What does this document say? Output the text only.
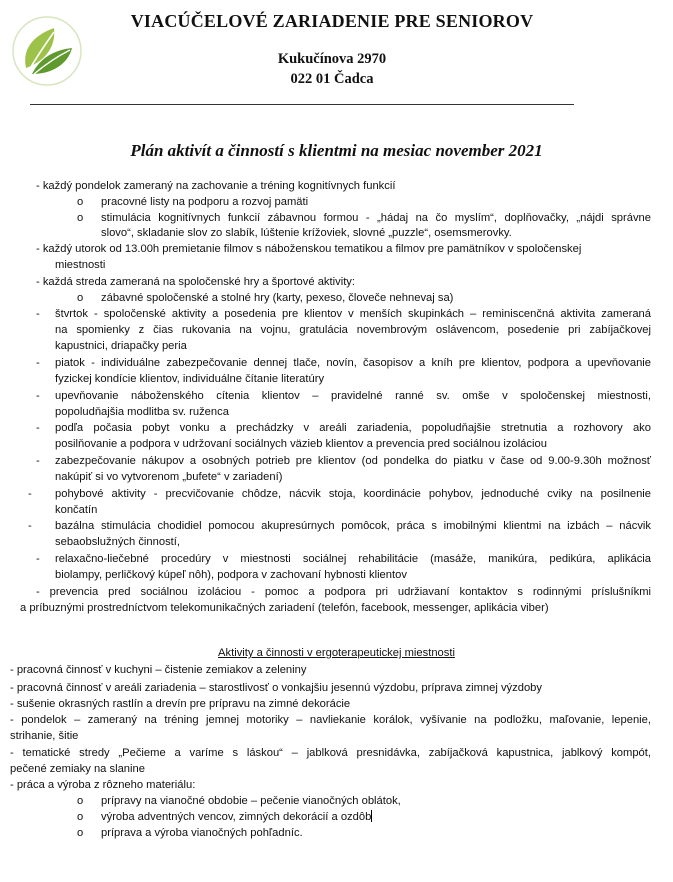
VIACÚČELOVÉ ZARIADENIE PRE SENIOROV
Kukučínova 2970
022 01 Čadca
Plán aktivít a činností s klientmi na mesiac november 2021

- každý pondelok zameraný na zachovanie a tréning kognitívnych funkcií

o pracovné listy na podporu a rozvoj pamäti

o stimulácia kognitívnych funkcií zábavnou formou - „hádaj na čo myslím“, doplňovačky, „nájdi správne

slovo“, skladanie slov zo slabík, lúštenie krížoviek, slovné „puzzle“, osemsmerovky.

- každý utorok od 13.00h premietanie filmov s náboženskou tematikou a filmov pre pamätníkov v spoločenskej

miestnosti

- každá streda zameraná na spoločenské hry a športové aktivity:

o zábavné spoločenské a stolné hry (karty, pexeso, človeče nehnevaj sa)

- štvrtok - spoločenské aktivity a posedenia pre klientov v menších skupinkách – reminiscenčná aktivita zameraná

na spomienky z čias rukovania na vojnu, gratulácia novembrovým oslávencom, posedenie pri zabíjačkovej

kapustnici, driapačky peria

- piatok - individuálne zabezpečovanie dennej tlače, novín, časopisov a kníh pre klientov, podpora a upevňovanie

fyzickej kondície klientov, individuálne čítanie literatúry

- upevňovanie náboženského cítenia klientov – pravidelné ranné sv. omše v spoločenskej miestnosti,

popoludňajšia modlitba sv. ruženca

- podľa počasia pobyt vonku a prechádzky v areáli zariadenia, popoludňajšie stretnutia a rozhovory ako

posilňovanie a podpora v udržovaní sociálnych väzieb klientov a prevencia pred sociálnou izoláciou

- zabezpečovanie nákupov a osobných potrieb pre klientov (od pondelka do piatku v čase od 9.00-9.30h možnosť

nakúpiť si vo vytvorenom „bufete“ v zariadení)

- pohybové aktivity - precvičovanie chôdze, nácvik stoja, koordinácie pohybov, jednoduché cviky na posilnenie

končatín

- bazálna stimulácia chodidiel pomocou akupresúrnych pomôcok, práca s imobilnými klientmi na izbách – nácvik

sebaobslužných činností,

- relaxačno-liečebné procedúry v miestnosti sociálnej rehabilitácie (masáže, manikúra, pedikúra, aplikácia

biolampy, perličkový kúpeľ nôh), podpora v zachovaní hybnosti klientov

- prevencia pred sociálnou izoláciou - pomoc a podpora pri udržiavaní kontaktov s rodinnými príslušníkmi

a príbuznými prostredníctvom telekomunikačných zariadení (telefón, facebook, messenger, aplikácia viber)

Aktivity a činnosti v ergoterapeutickej miestnosti

- pracovná činnosť v kuchyni – čistenie zemiakov a zeleniny

- pracovná činnosť v areáli zariadenia – starostlivosť o vonkajšiu jesennú výzdobu, príprava zimnej výzdoby

- sušenie okrasných rastlín a drevín pre prípravu na zimné dekorácie

- pondelok – zameraný na tréning jemnej motoriky – navliekanie korálok, vyšívanie na podložku, maľovanie, lepenie,

strihanie, šitie

- tematické stredy „Pečieme a varíme s láskou“ – jablková presnidávka, zabíjačková kapustnica, jablkový kompót,

pečené zemiaky na slanine

- práca a výroba z rôzneho materiálu:

o prípravy na vianočné obdobie – pečenie vianočných oblátok,

o výroba adventných vencov, zimných dekorácií a ozdôb

o príprava a výroba vianočných pohľadníc.
